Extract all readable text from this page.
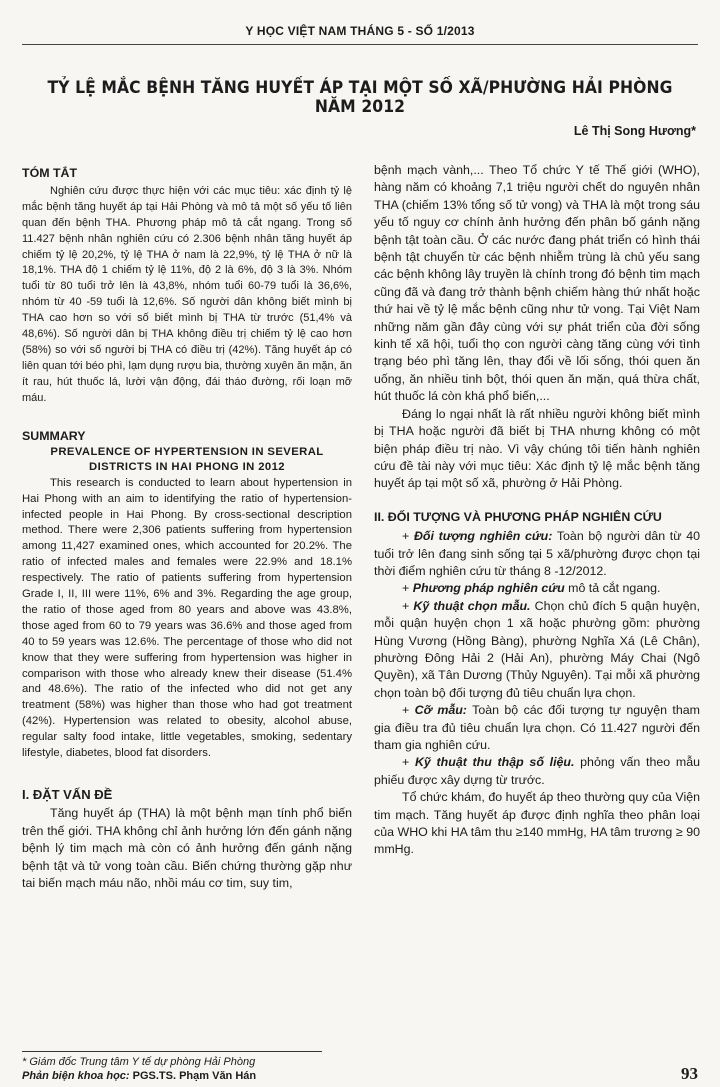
Y HỌC VIỆT NAM THÁNG 5 - SỐ 1/2013
TỶ LỆ MẮC BỆNH TĂNG HUYẾT ÁP TẠI MỘT SỐ XÃ/PHƯỜNG HẢI PHÒNG NĂM 2012
Lê Thị Song Hương*
TÓM TẮT

Nghiên cứu được thực hiện với các mục tiêu: xác định tỷ lệ mắc bệnh tăng huyết áp tại Hải Phòng và mô tả một số yếu tố liên quan đến bệnh THA. Phương pháp mô tả cắt ngang. Trong số 11.427 bệnh nhân nghiên cứu có 2.306 bệnh nhân tăng huyết áp chiếm tỷ lệ 20,2%, tỷ lệ THA ở nam là 22,9%, tỷ lệ THA ở nữ là 18,1%. THA độ 1 chiếm tỷ lệ 11%, độ 2 là 6%, độ 3 là 3%. Nhóm tuổi từ 80 tuổi trở lên là 43,8%, nhóm tuổi 60-79 tuổi là 36,6%, nhóm từ 40 -59 tuổi là 12,6%. Số người dân không biết mình bị THA cao hơn so với số biết mình bị THA từ trước (51,4% và 48,6%). Số người dân bị THA không điều trị chiếm tỷ lệ cao hơn (58%) so với số người bị THA có điều trị (42%). Tăng huyết áp có liên quan tới béo phì, lạm dụng rượu bia, thường xuyên ăn mặn, ăn ít rau, hút thuốc lá, lười vận động, đái tháo đường, rối loạn mỡ máu.

SUMMARY

PREVALENCE OF HYPERTENSION IN SEVERAL DISTRICTS IN HAI PHONG IN 2012

This research is conducted to learn about hypertension in Hai Phong with an aim to identifying the ratio of hypertension-infected people in Hai Phong. By cross-sectional description method. There were 2,306 patients suffering from hypertension among 11,427 examined ones, which accounted for 20.2%. The ratio of infected males and females were 22.9% and 18.1% respectively. The ratio of patients suffering from hypertension Grade I, II, III were 11%, 6% and 3%. Regarding the age group, the ratio of those aged from 80 years and above was 43.8%, those aged from 60 to 79 years was 36.6% and those aged from 40 to 59 years was 12.6%. The percentage of those who did not know that they were suffering from hypertension was higher in comparison with those who already knew their disease (51.4% and 48.6%). The ratio of the infected who did not get any treatment (58%) was higher than those who had got treatment (42%). Hypertension was related to obesity, alcohol abuse, regular salty food intake, little vegetables, smoking, sedentary lifestyle, diabetes, blood fat disorders.

I. ĐẶT VẤN ĐỀ

Tăng huyết áp (THA) là một bệnh mạn tính phổ biến trên thế giới. THA không chỉ ảnh hưởng lớn đến gánh nặng bệnh lý tim mạch mà còn có ảnh hưởng đến gánh nặng bệnh tật và tử vong toàn cầu. Biến chứng thường gặp như tai biến mạch máu não, nhồi máu cơ tim, suy tim,

bệnh mạch vành,... Theo Tổ chức Y tế Thế giới (WHO), hàng năm có khoảng 7,1 triệu người chết do nguyên nhân THA (chiếm 13% tổng số tử vong) và THA là một trong sáu yếu tố nguy cơ chính ảnh hưởng đến phân bố gánh nặng bệnh tật toàn cầu. Ở các nước đang phát triển có hình thái bệnh tật chuyển từ các bệnh nhiễm trùng là chủ yếu sang các bệnh không lây truyền là chính trong đó bệnh tim mạch cũng đã và đang trở thành bệnh chiếm hàng thứ nhất hoặc thứ hai về tỷ lệ mắc bệnh cũng như tử vong. Tại Việt Nam những năm gần đây cùng với sự phát triển của đời sống kinh tế xã hội, tuổi thọ con người càng tăng cùng với tình trạng béo phì tăng lên, thay đổi về lối sống, thói quen ăn uống, ăn nhiều tinh bột, thói quen ăn mặn, quá thừa chất, hút thuốc lá còn khá phổ biến,...

Đáng lo ngại nhất là rất nhiều người không biết mình bị THA hoặc người đã biết bị THA nhưng không có một biện pháp điều trị nào. Vì vậy chúng tôi tiến hành nghiên cứu đề tài này với mục tiêu: Xác định tỷ lệ mắc bệnh tăng huyết áp tại một số xã, phường ở Hải Phòng.

II. ĐỐI TƯỢNG VÀ PHƯƠNG PHÁP NGHIÊN CỨU

+ Đối tượng nghiên cứu: Toàn bộ người dân từ 40 tuổi trở lên đang sinh sống tại 5 xã/phường được chọn tại thời điểm nghiên cứu từ tháng 8 -12/2012.

+ Phương pháp nghiên cứu mô tả cắt ngang.

+ Kỹ thuật chọn mẫu. Chọn chủ đích 5 quận huyện, mỗi quận huyện chọn 1 xã hoặc phường gồm: phường Hùng Vương (Hồng Bàng), phường Nghĩa Xá (Lê Chân), phường Đông Hải 2 (Hải An), phường Máy Chai (Ngô Quyền), xã Tân Dương (Thủy Nguyên). Tại mỗi xã phường chọn toàn bộ đối tượng đủ tiêu chuẩn lựa chọn.

+ Cỡ mẫu: Toàn bộ các đối tượng tự nguyện tham gia điều tra đủ tiêu chuẩn lựa chọn. Có 11.427 người đến tham gia nghiên cứu.

+ Kỹ thuật thu thập số liệu. phỏng vấn theo mẫu phiếu được xây dựng từ trước.

Tổ chức khám, đo huyết áp theo thường quy của Viện tim mạch. Tăng huyết áp được định nghĩa theo phân loại của WHO khi HA tâm thu ≥140 mmHg, HA tâm trương ≥ 90 mmHg.

* Giám đốc Trung tâm Y tế dự phòng Hải Phòng
Phản biện khoa học: PGS.TS. Phạm Văn Hán	93
